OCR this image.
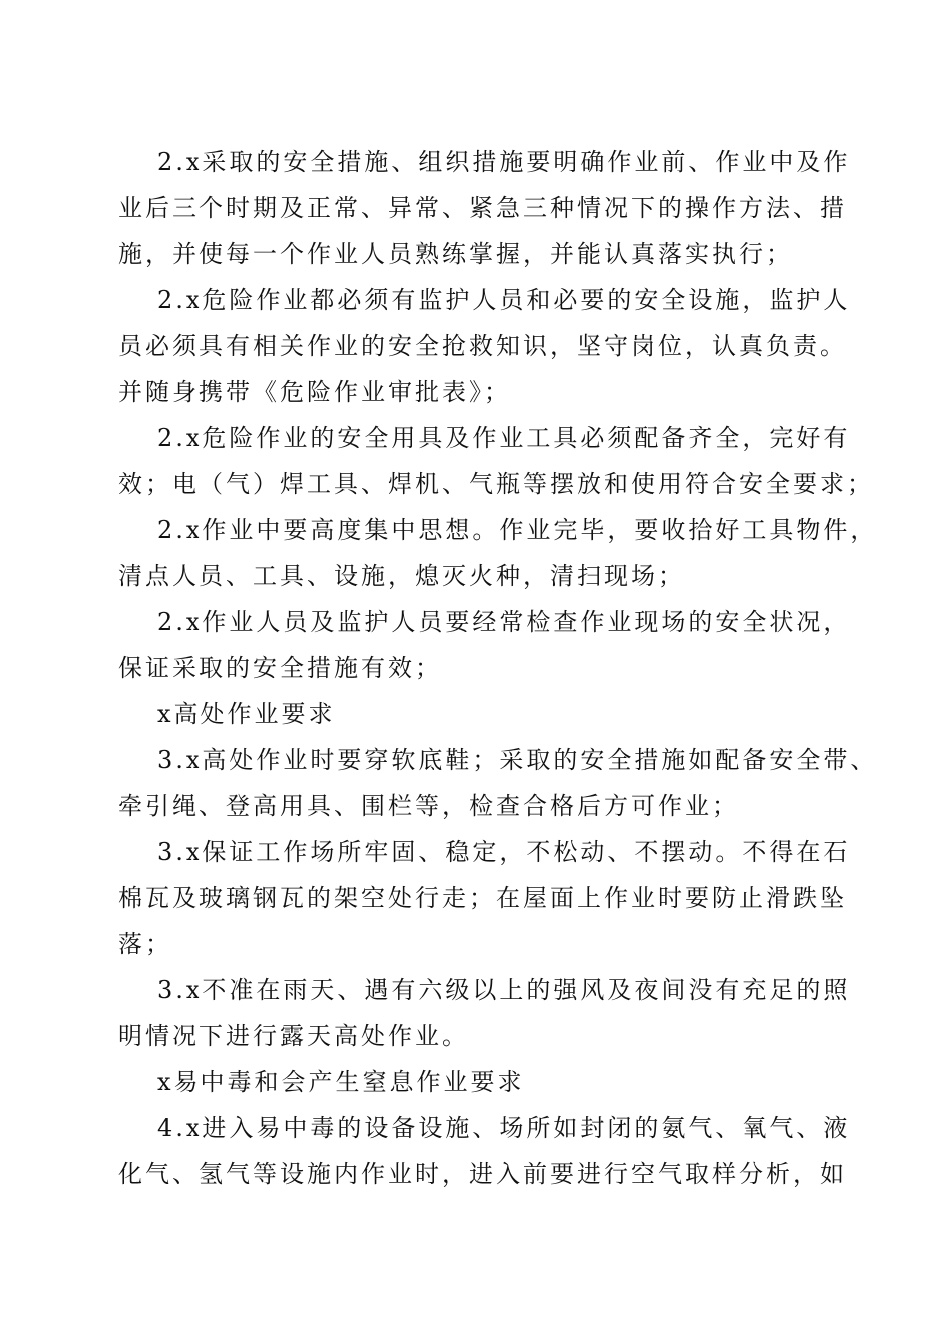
2.x采取的安全措施、组织措施要明确作业前、作业中及作
业后三个时期及正常、异常、紧急三种情况下的操作方法、措
施，并使每一个作业人员熟练掌握，并能认真落实执行；
2.x危险作业都必须有监护人员和必要的安全设施，监护人
员必须具有相关作业的安全抢救知识，坚守岗位，认真负责。
并随身携带《危险作业审批表》；
2.x危险作业的安全用具及作业工具必须配备齐全，完好有
效；电（气）焊工具、焊机、气瓶等摆放和使用符合安全要求；
2.x作业中要高度集中思想。作业完毕，要收拾好工具物件，
清点人员、工具、设施，熄灭火种，清扫现场；
2.x作业人员及监护人员要经常检查作业现场的安全状况，
保证采取的安全措施有效；
x高处作业要求
3.x高处作业时要穿软底鞋；采取的安全措施如配备安全带、
牵引绳、登高用具、围栏等，检查合格后方可作业；
3.x保证工作场所牢固、稳定，不松动、不摆动。不得在石
棉瓦及玻璃钢瓦的架空处行走；在屋面上作业时要防止滑跌坠
落；
3.x不准在雨天、遇有六级以上的强风及夜间没有充足的照
明情况下进行露天高处作业。
x易中毒和会产生窒息作业要求
4.x进入易中毒的设备设施、场所如封闭的氨气、氧气、液
化气、氢气等设施内作业时，进入前要进行空气取样分析，如
